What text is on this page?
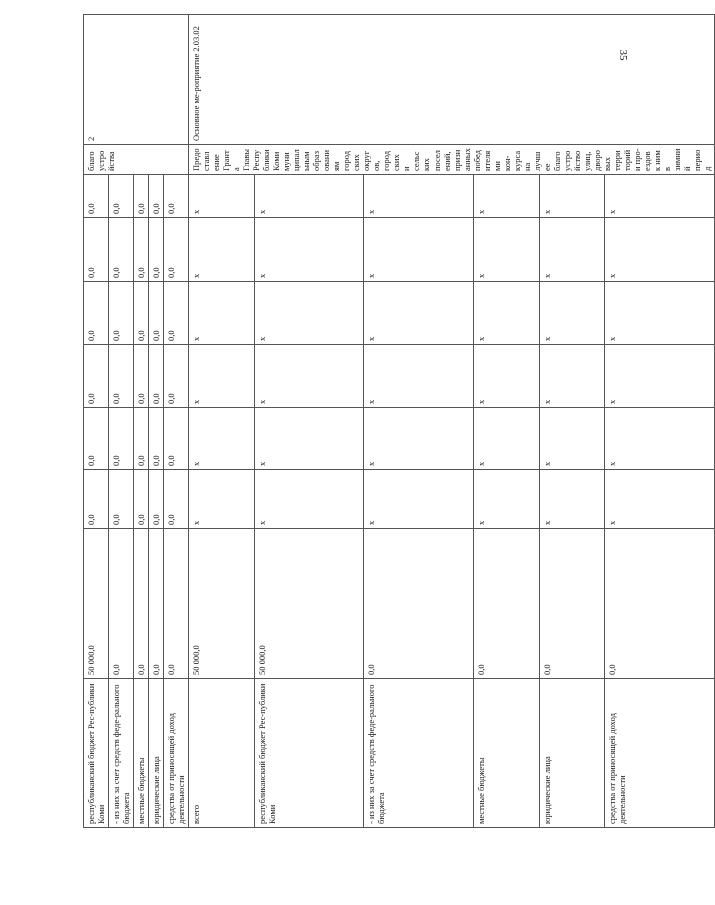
35
республиканский бюджет Рес-публики Коми	50 000,0	0,0	0,0	0,0	0,0	0,0	0,0	благоустройства	2
- из них за счет средств феде-рального бюджета	0,0	0,0	0,0	0,0	0,0	0,0	0,0		
местные бюджеты	0,0	0,0	0,0	0,0	0,0	0,0	0,0		
юридические лица	0,0	0,0	0,0	0,0	0,0	0,0	0,0		
средства от приносящей доход деятельности	0,0	0,0	0,0	0,0	0,0	0,0	0,0		
всего	50 000,0	х	х	х	х	х	х	Предоставление Гранта Главы Республики Коми муниципальным образованиям городских округов, городских и сельских поселений, признанных победителями кон-курса на лучшее благоустройство улиц, дворовых территорий и про-ездов к ним в зимний период	Основное ме-роприятие 2.03.02
республиканский бюджет Рес-публики Коми	50 000,0	х	х	х	х	х	х		
- из них за счет средств феде-рального бюджета	0,0	х	х	х	х	х	х		
местные бюджеты	0,0	х	х	х	х	х	х		
юридические лица	0,0	х	х	х	х	х	х		
средства от приносящей доход деятельности	0,0	х	х	х	х	х	х		
